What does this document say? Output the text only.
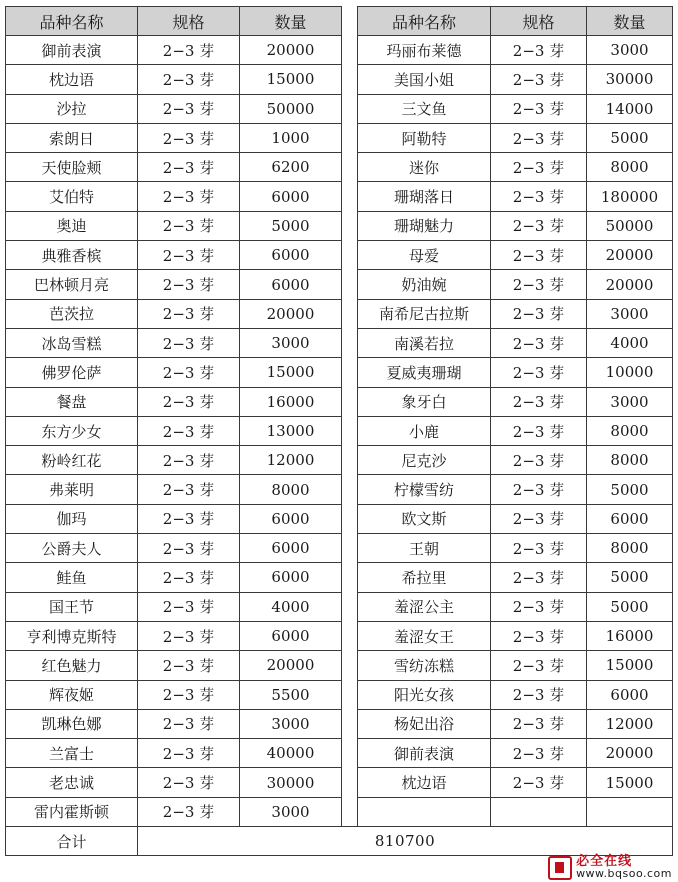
品种名称	规格	数量		品种名称	规格	数量
御前表演	2−3 芽	20000		玛丽布莱德	2−3 芽	3000
枕边语	2−3 芽	15000		美国小姐	2−3 芽	30000
沙拉	2−3 芽	50000		三文鱼	2−3 芽	14000
索朗日	2−3 芽	1000		阿勒特	2−3 芽	5000
天使脸颊	2−3 芽	6200		迷你	2−3 芽	8000
艾伯特	2−3 芽	6000		珊瑚落日	2−3 芽	180000
奥迪	2−3 芽	5000		珊瑚魅力	2−3 芽	50000
典雅香槟	2−3 芽	6000		母爱	2−3 芽	20000
巴林顿月亮	2−3 芽	6000		奶油婉	2−3 芽	20000
芭茨拉	2−3 芽	20000		南希尼古拉斯	2−3 芽	3000
冰岛雪糕	2−3 芽	3000		南溪若拉	2−3 芽	4000
佛罗伦萨	2−3 芽	15000		夏威夷珊瑚	2−3 芽	10000
餐盘	2−3 芽	16000		象牙白	2−3 芽	3000
东方少女	2−3 芽	13000		小鹿	2−3 芽	8000
粉岭红花	2−3 芽	12000		尼克沙	2−3 芽	8000
弗莱明	2−3 芽	8000		柠檬雪纺	2−3 芽	5000
伽玛	2−3 芽	6000		欧文斯	2−3 芽	6000
公爵夫人	2−3 芽	6000		王朝	2−3 芽	8000
鲑鱼	2−3 芽	6000		希拉里	2−3 芽	5000
国王节	2−3 芽	4000		羞涩公主	2−3 芽	5000
亨利博克斯特	2−3 芽	6000		羞涩女王	2−3 芽	16000
红色魅力	2−3 芽	20000		雪纺冻糕	2−3 芽	15000
辉夜姬	2−3 芽	5500		阳光女孩	2−3 芽	6000
凯琳色娜	2−3 芽	3000		杨妃出浴	2−3 芽	12000
兰富士	2−3 芽	40000		御前表演	2−3 芽	20000
老忠诚	2−3 芽	30000		枕边语	2−3 芽	15000
雷内霍斯顿	2−3 芽	3000				
合计	810700					
必全在线
www.bqsoo.com
